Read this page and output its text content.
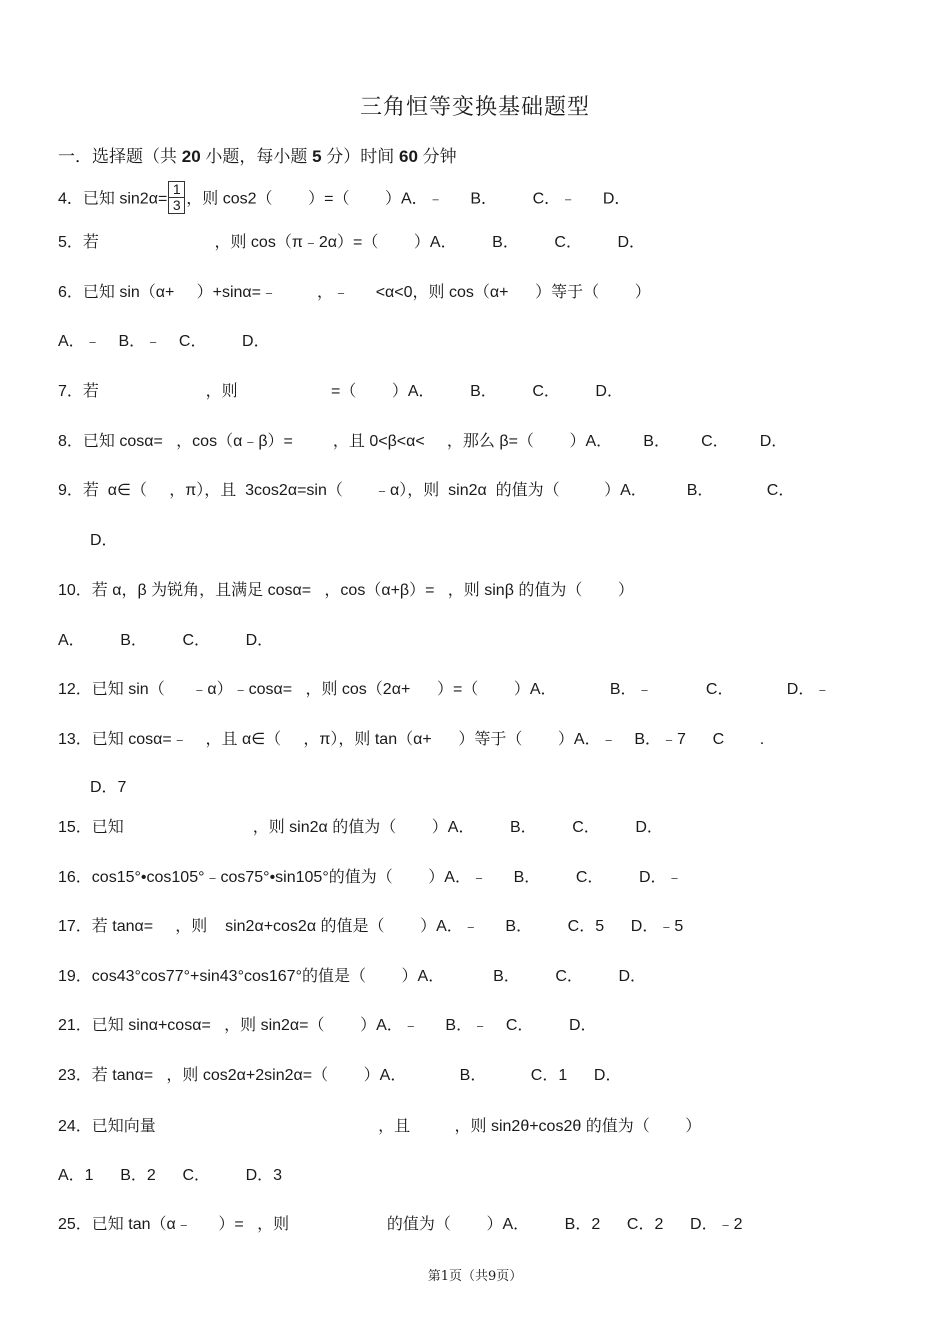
三角恒等变换基础题型
一．选择题（共 20 小题，每小题 5 分）时间 60 分钟
4．已知 $\sin 2\alpha= \frac{1}{3}$ ，则 cos2（        ）=（        ）A．﹣      B．        C．﹣      D．
5．若                          ，则 cos（π﹣2α）=（        ）A．        B．        C．        D．
6．已知 sin（α+     ）+sinα=﹣         ，﹣      <α<0，则 cos（α+      ）等于（        ）
A．﹣    B．﹣    C．        D．
7．若                        ，则                     =（        ）A．        B．        C．        D．
8．已知 cosα=   ，cos（α﹣β）=         ，且 0<β<α<     ，那么 β=（        ）A．       B．       C．       D．
9．若  α∈（     ，π），且  3cos2α=sin（       ﹣α），则  sin2α  的值为（          ）A．         B．            C．
D．
10．若 α，β 为锐角，且满足 cosα=   ，cos（α+β）=   ，则 sinβ 的值为（        ）
A．        B．        C．        D．
12．已知 sin（      ﹣α）﹣cosα=   ，则 cos（2α+      ）=（        ）A．            B．﹣            C．            D．﹣
13．已知 cosα=﹣    ，且 α∈（     ，π），则 tan（α+      ）等于（        ）A．﹣    B．﹣7      C        .
D．7
15．已知                             ，则 sin2α 的值为（        ）A．        B．        C．        D．
16．cos15°•cos105°﹣cos75°•sin105°的值为（        ）A．﹣      B．        C．        D．﹣
17．若 tanα=     ，则    sin2α+cos2α 的值是（        ）A．﹣      B．        C．5      D．﹣5
19．cos43°cos77°+sin43°cos167°的值是（        ）A．           B．        C．        D．
21．已知 sinα+cosα=   ，则 sin2α=（        ）A．﹣      B．﹣    C．        D．
23．若 tanα=   ，则 cos2α+2sin2α=（        ）A．            B．          C．1      D．
24．已知向量                                                  ，且          ，则 sin2θ+cos2θ 的值为（        ）
A．1      B．2      C．        D．3
25．已知 tan（α﹣      ）=   ，则                      的值为（        ）A．        B．2      C．2      D．﹣2
第1页（共9页）
